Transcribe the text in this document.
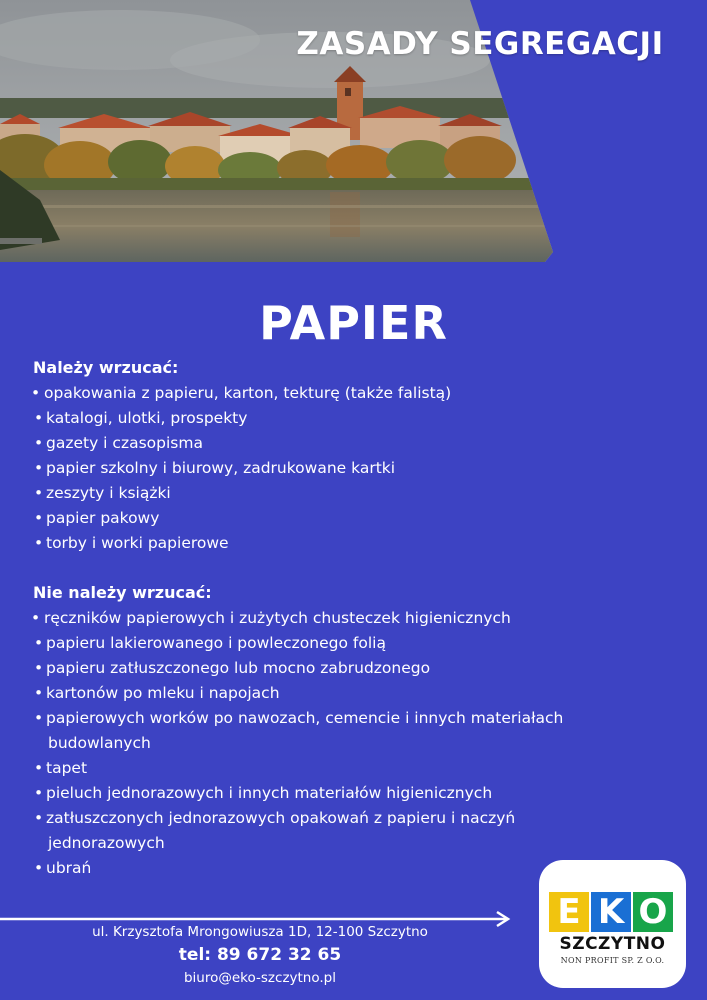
ZASADY SEGREGACJI
PAPIER
Należy wrzucać:
• opakowania z papieru, karton, tekturę (także falistą)
• katalogi, ulotki, prospekty
• gazety i czasopisma
• papier szkolny i biurowy, zadrukowane kartki
• zeszyty i książki
• papier pakowy
• torby i worki papierowe
Nie należy wrzucać:
• ręczników papierowych i zużytych chusteczek higienicznych
• papieru lakierowanego i powleczonego folią
• papieru zatłuszczonego lub mocno zabrudzonego
• kartonów po mleku i napojach
• papierowych worków po nawozach, cemencie i innych materiałach
budowlanych
• tapet
• pieluch jednorazowych i innych materiałów higienicznych
• zatłuszczonych jednorazowych opakowań z papieru i naczyń
jednorazowych
• ubrań
ul. Krzysztofa Mrongowiusza 1D, 12-100 Szczytno
tel: 89 672 32 65
biuro@eko-szczytno.pl
E K O
SZCZYTNO
NON PROFIT SP. Z O.O.
